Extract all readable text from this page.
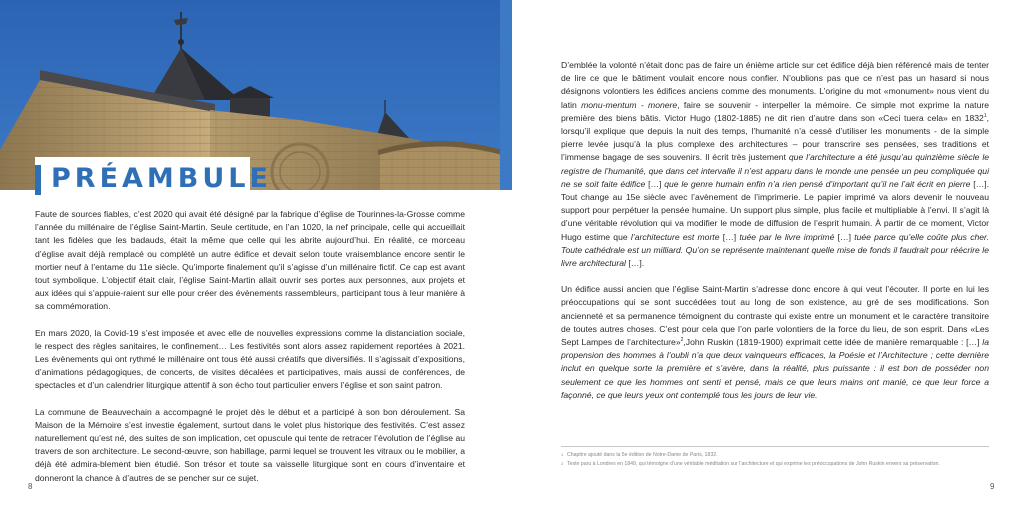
PRÉAMBULE

Faute de sources fiables, c’est 2020 qui avait été désigné par la fabrique d’église de Tourinnes-la-Grosse comme l’année du millénaire de l’église Saint-Martin. Seule certitude, en l’an 1020, la nef principale, celle qui accueillait tant les fidèles que les badauds, était la même que celle qui les abrite aujourd’hui. En réalité, ce morceau d’église avait déjà remplacé ou complété un autre édifice et devait selon toute vraisemblance encore sentir le mortier neuf à l’entame du 11e siècle. Qu’importe finalement qu’il s’agisse d’un millénaire fictif. Ce cap est avant tout symbolique. L’objectif était clair, l’église Saint-Martin allait ouvrir ses portes aux personnes, aux projets et aux idées qui s’appuie-raient sur elle pour créer des évènements rassembleurs, participant tous à leur manière à sa commémoration.

En mars 2020, la Covid-19 s’est imposée et avec elle de nouvelles expressions comme la distanciation sociale, le respect des règles sanitaires, le confinement… Les festivités sont alors assez rapidement reportées à 2021. Les évènements qui ont rythmé le millénaire ont tous été aussi créatifs que diversifiés. Il s’agissait d’expositions, d’animations pédagogiques, de concerts, de visites décalées et participatives, mais aussi de conférences, de spectacles et d’un calendrier liturgique attentif à son écho tout particulier envers l’église et son saint patron.

La commune de Beauvechain a accompagné le projet dès le début et a participé à son bon déroulement. Sa Maison de la Mémoire s’est investie également, surtout dans le volet plus historique des festivités. C’est assez naturellement qu’est né, des suites de son implication, cet opuscule qui tente de retracer l’évolution de l’église au travers de son architecture. Le second-œuvre, son habillage, parmi lequel se trouvent les vitraux ou le mobilier, a déjà été admira-blement bien étudié. Son trésor et toute sa vaisselle liturgique sont en cours d’inventaire et donneront la chance à d’autres de se pencher sur ce sujet.

8

D’emblée la volonté n’était donc pas de faire un énième article sur cet édifice déjà bien référencé mais de tenter de lire ce que le bâtiment voulait encore nous confier. N’oublions pas que ce n’est pas un hasard si nous désignons volontiers les édifices anciens comme des monuments. L’origine du mot «monument» nous vient du latin monu-mentum - monere, faire se souvenir - interpeller la mémoire. Ce simple mot exprime la nature première des biens bâtis. Victor Hugo (1802-1885) ne dit rien d’autre dans son «Ceci tuera cela» en 1832$^1$, lorsqu’il explique que depuis la nuit des temps, l’humanité n’a cessé d’utiliser les monuments - de la simple pierre levée jusqu’à la plus complexe des architectures – pour transcrire ses pensées, ses traditions et l’immense bagage de ses souvenirs. Il écrit très justement que l’architecture a été jusqu’au quinzième siècle le registre de l’humanité, que dans cet intervalle il n’est apparu dans le monde une pensée un peu compliquée qui ne se soit faite édifice […] que le genre humain enfin n’a rien pensé d’important qu’il ne l’ait écrit en pierre […]. Tout change au 15e siècle avec l’avènement de l’imprimerie. Le papier imprimé va alors devenir le nouveau support pour perpétuer la pensée humaine. Un support plus simple, plus facile et multipliable à l’envi. Il s’agit là d’une véritable révolution qui va modifier le mode de diffusion de l’esprit humain. À partir de ce moment, Victor Hugo estime que l’architecture est morte […] tuée par le livre imprimé […] tuée parce qu’elle coûte plus cher. Toute cathédrale est un milliard. Qu’on se représente maintenant quelle mise de fonds il faudrait pour réécrire le livre architectural […].

Un édifice aussi ancien que l’église Saint-Martin s’adresse donc encore à qui veut l’écouter. Il porte en lui les préoccupations qui se sont succédées tout au long de son existence, au gré de ses modifications. Son ancienneté et sa permanence témoignent du contraste qui existe entre un monument et le caractère transitoire de toutes autres choses. C’est pour cela que l’on parle volontiers de la force du lieu, de son esprit. Dans «Les Sept Lampes de l’architecture»$^2$,John Ruskin (1819-1900) exprimait cette idée de manière remarquable : […] la propension des hommes à l’oubli n’a que deux vainqueurs efficaces, la Poésie et l’Architecture ; cette dernière inclut en quelque sorte la première et s’avère, dans la réalité, plus puissante : il est bon de posséder non seulement ce que les hommes ont senti et pensé, mais ce que leurs mains ont manié, ce que leur force a façonné, ce que leurs yeux ont contemplé tous les jours de leur vie.

1 Chapitre ajouté dans la 5e édition de Notre-Dame de Paris, 1832.
2 Texte paru à Londres en 1849, qui témoigne d’une véritable méditation sur l’architecture et qui exprime les préoccupations de John Ruskin envers sa préservation.
9
